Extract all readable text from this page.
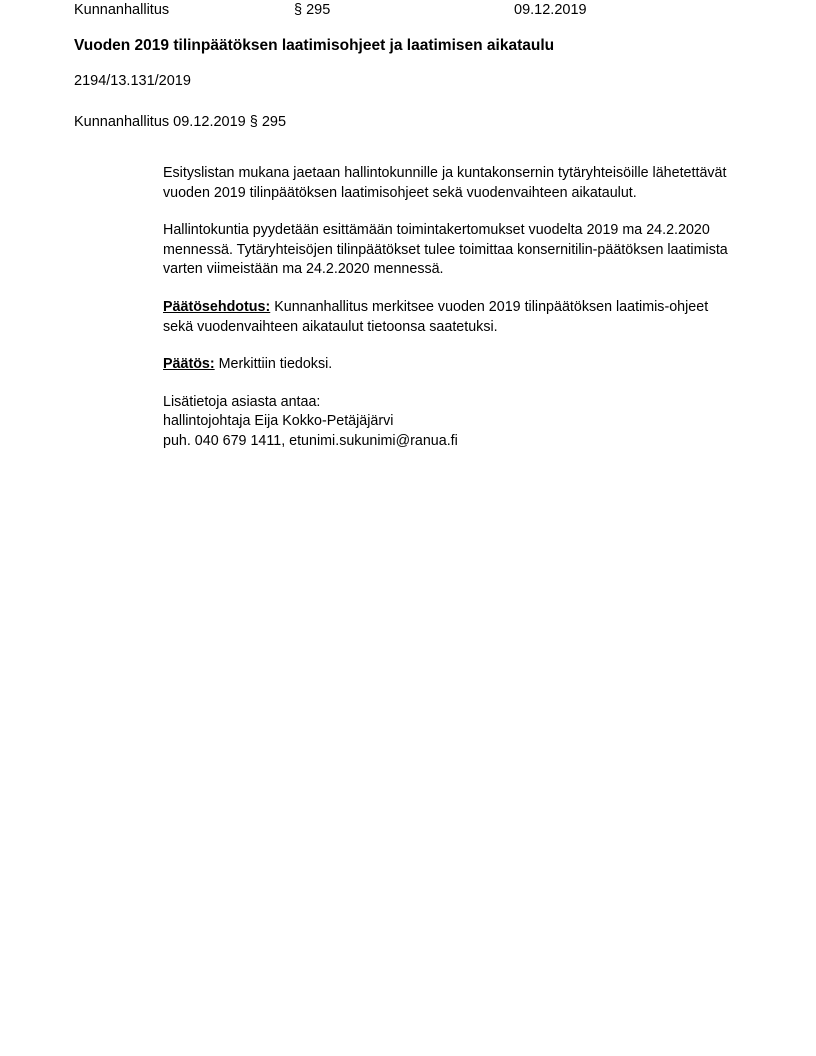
Kunnanhallitus	§ 295	09.12.2019
Vuoden 2019 tilinpäätöksen laatimisohjeet ja laatimisen aikataulu
2194/13.131/2019
Kunnanhallitus 09.12.2019 § 295

Esityslistan mukana jaetaan hallintokunnille ja kuntakonsernin tytäryhteisöille lähetettävät vuoden 2019 tilinpäätöksen laatimisohjeet sekä vuodenvaihteen aikataulut.

Hallintokuntia pyydetään esittämään toimintakertomukset vuodelta 2019 ma 24.2.2020 mennessä. Tytäryhteisöjen tilinpäätökset tulee toimittaa konsernitilin-päätöksen laatimista varten viimeistään ma 24.2.2020 mennessä.

Päätösehdotus: Kunnanhallitus merkitsee vuoden 2019 tilinpäätöksen laatimis-ohjeet sekä vuodenvaihteen aikataulut tietoonsa saatetuksi.

Päätös: Merkittiin tiedoksi.

Lisätietoja asiasta antaa:

hallintojohtaja Eija Kokko-Petäjäjärvi

puh. 040 679 1411, etunimi.sukunimi@ranua.fi
